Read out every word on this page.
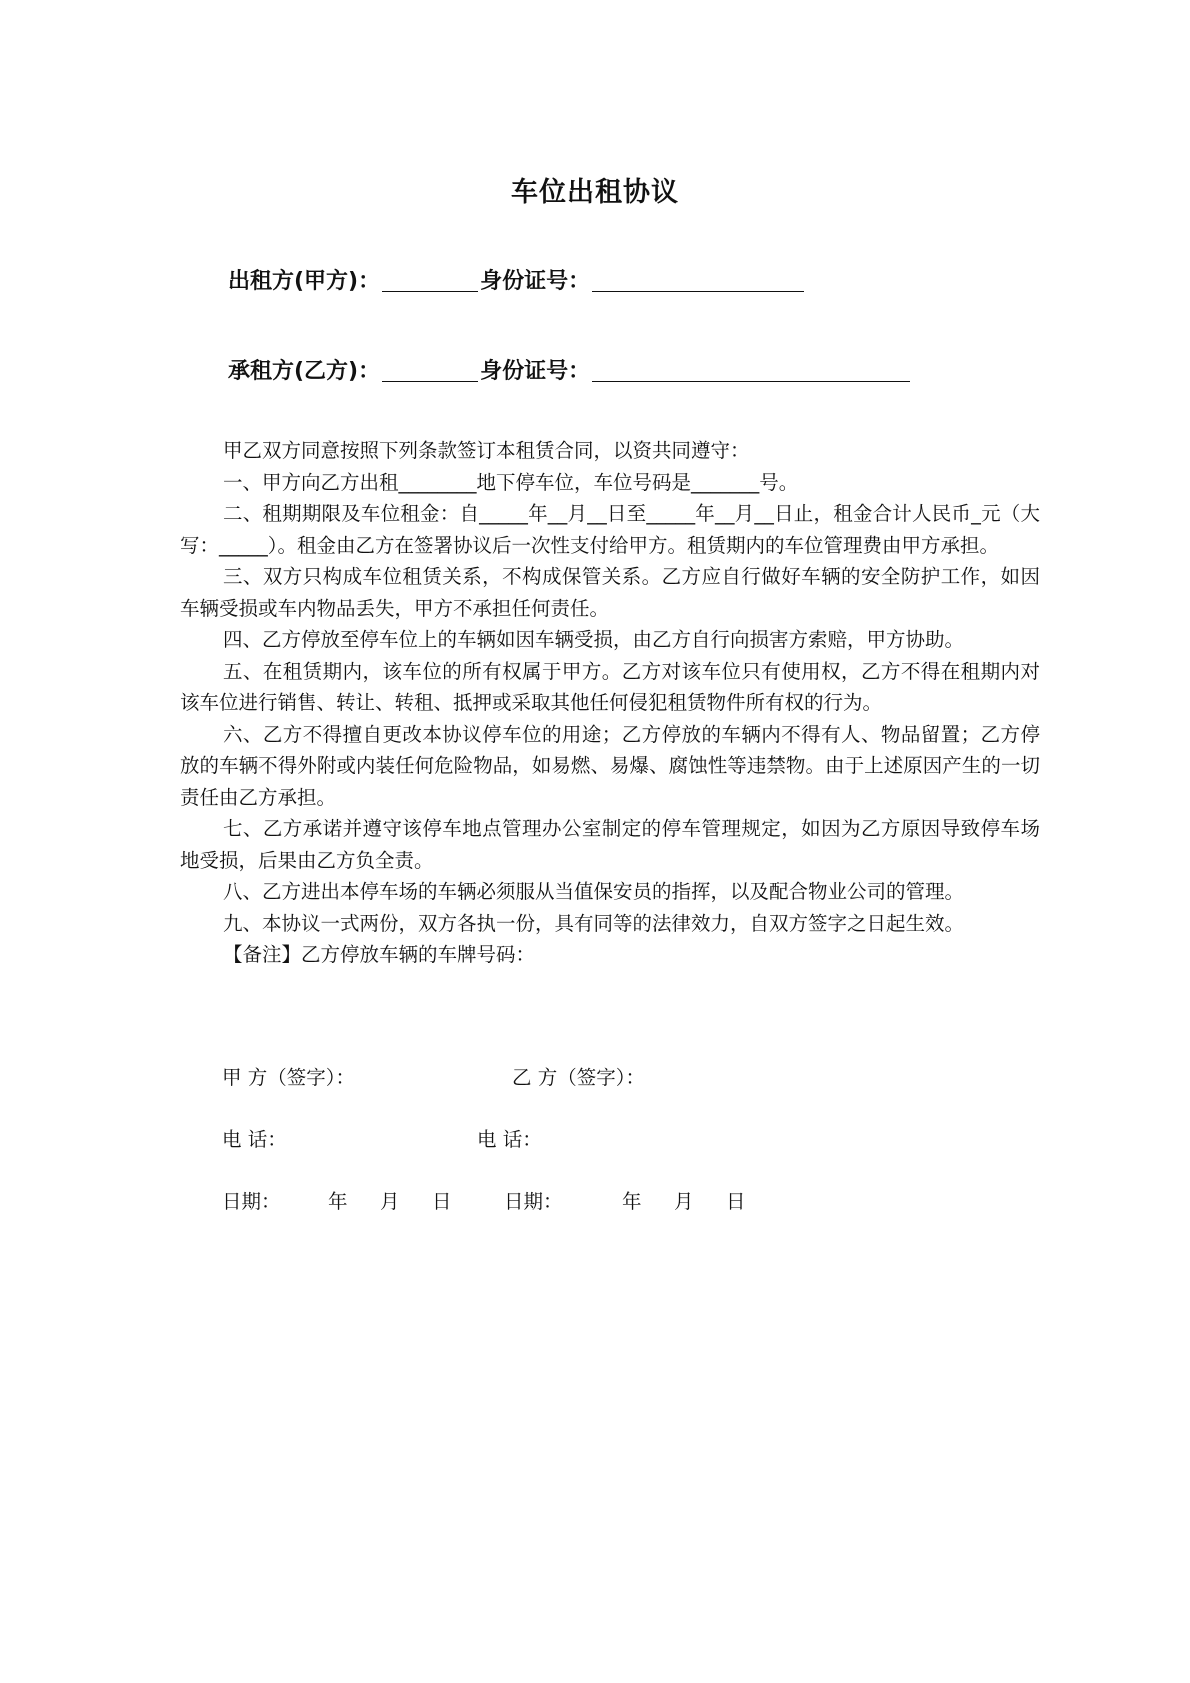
车位出租协议
出租方(甲方)：	身份证号：
承租方(乙方)：	身份证号：

甲乙双方同意按照下列条款签订本租赁合同，以资共同遵守：

一、甲方向乙方出租________地下停车位，车位号码是_______号。

二、租期期限及车位租金：自_____年__月__日至_____年__月__日止，租金合计人民币_元（大写：_____）。租金由乙方在签署协议后一次性支付给甲方。租赁期内的车位管理费由甲方承担。

三、双方只构成车位租赁关系，不构成保管关系。乙方应自行做好车辆的安全防护工作，如因车辆受损或车内物品丢失，甲方不承担任何责任。

四、乙方停放至停车位上的车辆如因车辆受损，由乙方自行向损害方索赔，甲方协助。

五、在租赁期内，该车位的所有权属于甲方。乙方对该车位只有使用权，乙方不得在租期内对该车位进行销售、转让、转租、抵押或采取其他任何侵犯租赁物件所有权的行为。

六、乙方不得擅自更改本协议停车位的用途；乙方停放的车辆内不得有人、物品留置；乙方停放的车辆不得外附或内装任何危险物品，如易燃、易爆、腐蚀性等违禁物。由于上述原因产生的一切责任由乙方承担。

七、乙方承诺并遵守该停车地点管理办公室制定的停车管理规定，如因为乙方原因导致停车场地受损，后果由乙方负全责。

八、乙方进出本停车场的车辆必须服从当值保安员的指挥，以及配合物业公司的管理。

九、本协议一式两份，双方各执一份，具有同等的法律效力，自双方签字之日起生效。

【备注】乙方停放车辆的车牌号码：

甲 方（签字）：	乙 方（签字）：
电 话：	电 话：
日期： 年 月 日	日期：	年 月 日
